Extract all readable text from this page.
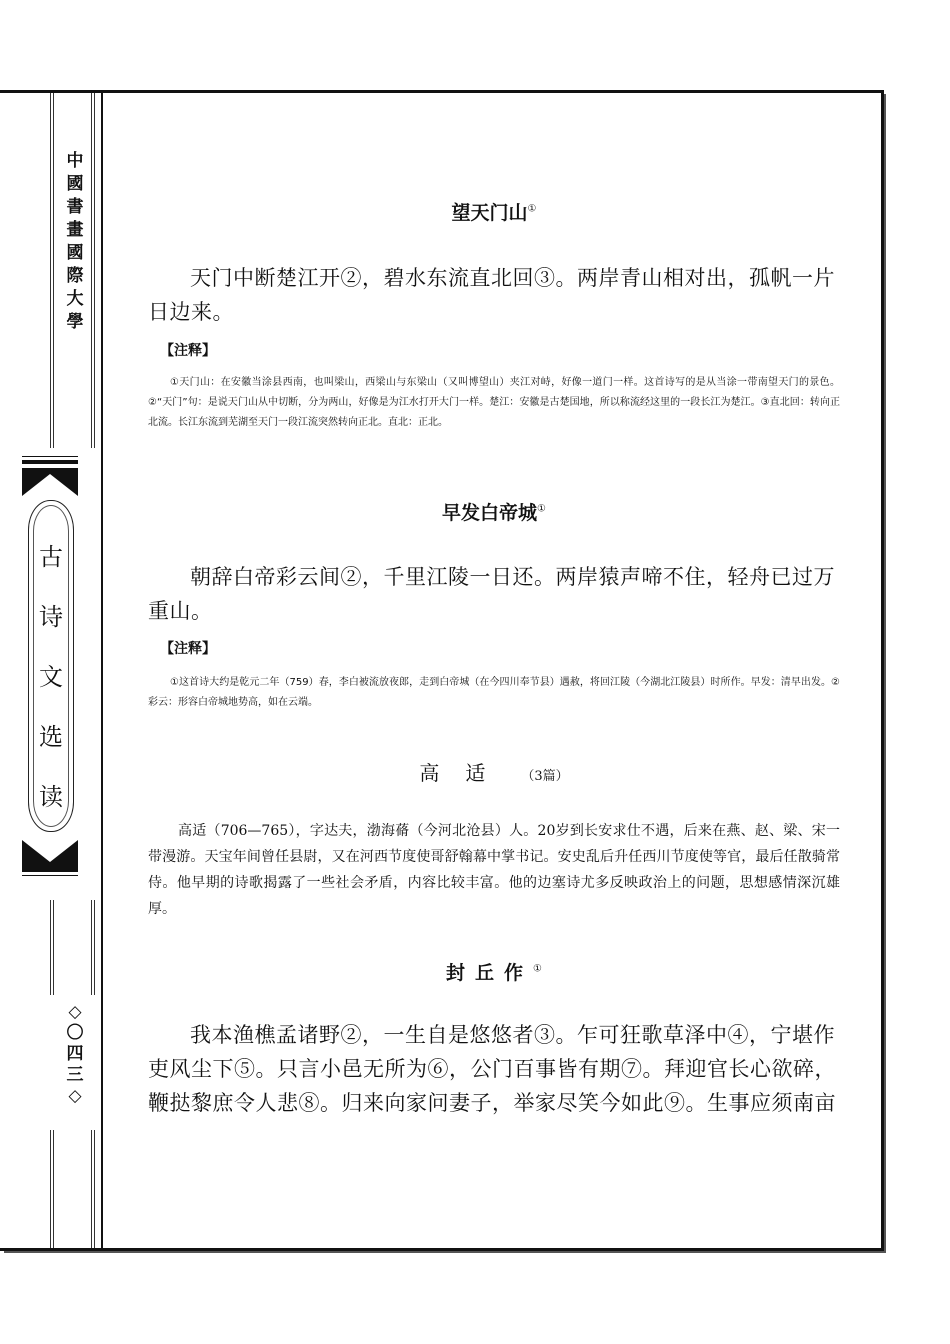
中
國
書
畫
國
際
大
學
古
诗
文
选
读
◇
〇
四
三
◇
望天门山①
天门中断楚江开②，碧水东流直北回③。两岸青山相对出，孤帆一片日边来。
【注释】
①天门山：在安徽当涂县西南，也叫梁山，西梁山与东梁山（又叫博望山）夹江对峙，好像一道门一样。这首诗写的是从当涂一带南望天门的景色。②“天门”句：是说天门山从中切断，分为两山，好像是为江水打开大门一样。楚江：安徽是古楚国地，所以称流经这里的一段长江为楚江。③直北回：转向正北流。长江东流到芜湖至天门一段江流突然转向正北。直北：正北。
早发白帝城①
朝辞白帝彩云间②，千里江陵一日还。两岸猿声啼不住，轻舟已过万重山。
【注释】
①这首诗大约是乾元二年（759）春，李白被流放夜郎，走到白帝城（在今四川奉节县）遇赦，将回江陵（今湖北江陵县）时所作。早发：清早出发。②彩云：形容白帝城地势高，如在云端。
高适 （3篇）
高适（706—765），字达夫，渤海蓨（今河北沧县）人。20岁到长安求仕不遇，后来在燕、赵、梁、宋一带漫游。天宝年间曾任县尉，又在河西节度使哥舒翰幕中掌书记。安史乱后升任西川节度使等官，最后任散骑常侍。他早期的诗歌揭露了一些社会矛盾，内容比较丰富。他的边塞诗尤多反映政治上的问题，思想感情深沉雄厚。
封丘作①
我本渔樵孟诸野②，一生自是悠悠者③。乍可狂歌草泽中④，宁堪作吏风尘下⑤。只言小邑无所为⑥，公门百事皆有期⑦。拜迎官长心欲碎，鞭挞黎庶令人悲⑧。归来向家问妻子，举家尽笑今如此⑨。生事应须南亩
